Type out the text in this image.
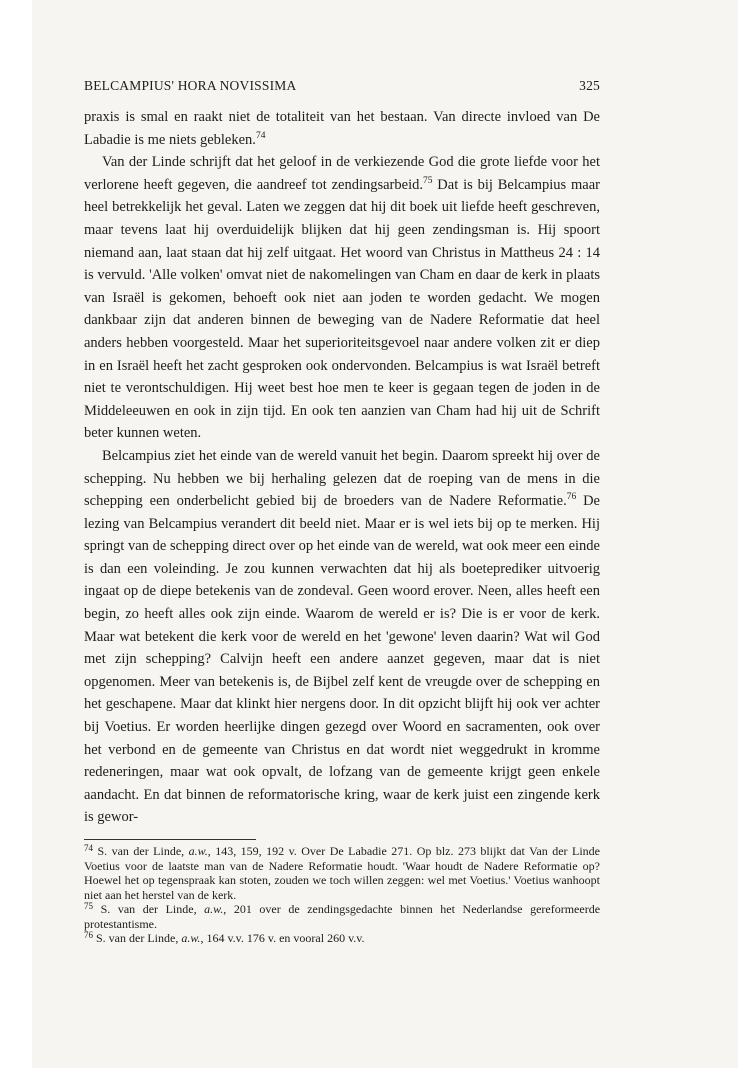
BELCAMPIUS' HORA NOVISSIMA	325

praxis is smal en raakt niet de totaliteit van het bestaan. Van directe invloed van De Labadie is me niets gebleken.$^{74}$

Van der Linde schrijft dat het geloof in de verkiezende God die grote liefde voor het verlorene heeft gegeven, die aandreef tot zendingsarbeid.$^{75}$ Dat is bij Belcampius maar heel betrekkelijk het geval. Laten we zeggen dat hij dit boek uit liefde heeft geschreven, maar tevens laat hij overduidelijk blijken dat hij geen zendingsman is. Hij spoort niemand aan, laat staan dat hij zelf uitgaat. Het woord van Christus in Mattheus 24 : 14 is vervuld. 'Alle volken' omvat niet de nakomelingen van Cham en daar de kerk in plaats van Israël is gekomen, behoeft ook niet aan joden te worden gedacht. We mogen dankbaar zijn dat anderen binnen de beweging van de Nadere Reformatie dat heel anders hebben voorgesteld. Maar het superioriteitsgevoel naar andere volken zit er diep in en Israël heeft het zacht gesproken ook ondervonden. Belcampius is wat Israël betreft niet te verontschuldigen. Hij weet best hoe men te keer is gegaan tegen de joden in de Middeleeuwen en ook in zijn tijd. En ook ten aanzien van Cham had hij uit de Schrift beter kunnen weten.

Belcampius ziet het einde van de wereld vanuit het begin. Daarom spreekt hij over de schepping. Nu hebben we bij herhaling gelezen dat de roeping van de mens in die schepping een onderbelicht gebied bij de broeders van de Nadere Reformatie.$^{76}$ De lezing van Belcampius verandert dit beeld niet. Maar er is wel iets bij op te merken. Hij springt van de schepping direct over op het einde van de wereld, wat ook meer een einde is dan een voleinding. Je zou kunnen verwachten dat hij als boeteprediker uitvoerig ingaat op de diepe betekenis van de zondeval. Geen woord erover. Neen, alles heeft een begin, zo heeft alles ook zijn einde. Waarom de wereld er is? Die is er voor de kerk. Maar wat betekent die kerk voor de wereld en het 'gewone' leven daarin? Wat wil God met zijn schepping? Calvijn heeft een andere aanzet gegeven, maar dat is niet opgenomen. Meer van betekenis is, de Bijbel zelf kent de vreugde over de schepping en het geschapene. Maar dat klinkt hier nergens door. In dit opzicht blijft hij ook ver achter bij Voetius. Er worden heerlijke dingen gezegd over Woord en sacramenten, ook over het verbond en de gemeente van Christus en dat wordt niet weggedrukt in kromme redeneringen, maar wat ook opvalt, de lofzang van de gemeente krijgt geen enkele aandacht. En dat binnen de reformatorische kring, waar de kerk juist een zingende kerk is gewor-

$^{74}$ S. van der Linde, a.w., 143, 159, 192 v. Over De Labadie 271. Op blz. 273 blijkt dat Van der Linde Voetius voor de laatste man van de Nadere Reformatie houdt. 'Waar houdt de Nadere Reformatie op? Hoewel het op tegenspraak kan stoten, zouden we toch willen zeggen: wel met Voetius.' Voetius wanhoopt niet aan het herstel van de kerk.

$^{75}$ S. van der Linde, a.w., 201 over de zendingsgedachte binnen het Nederlandse gereformeerde protestantisme.

$^{76}$ S. van der Linde, a.w., 164 v.v. 176 v. en vooral 260 v.v.
